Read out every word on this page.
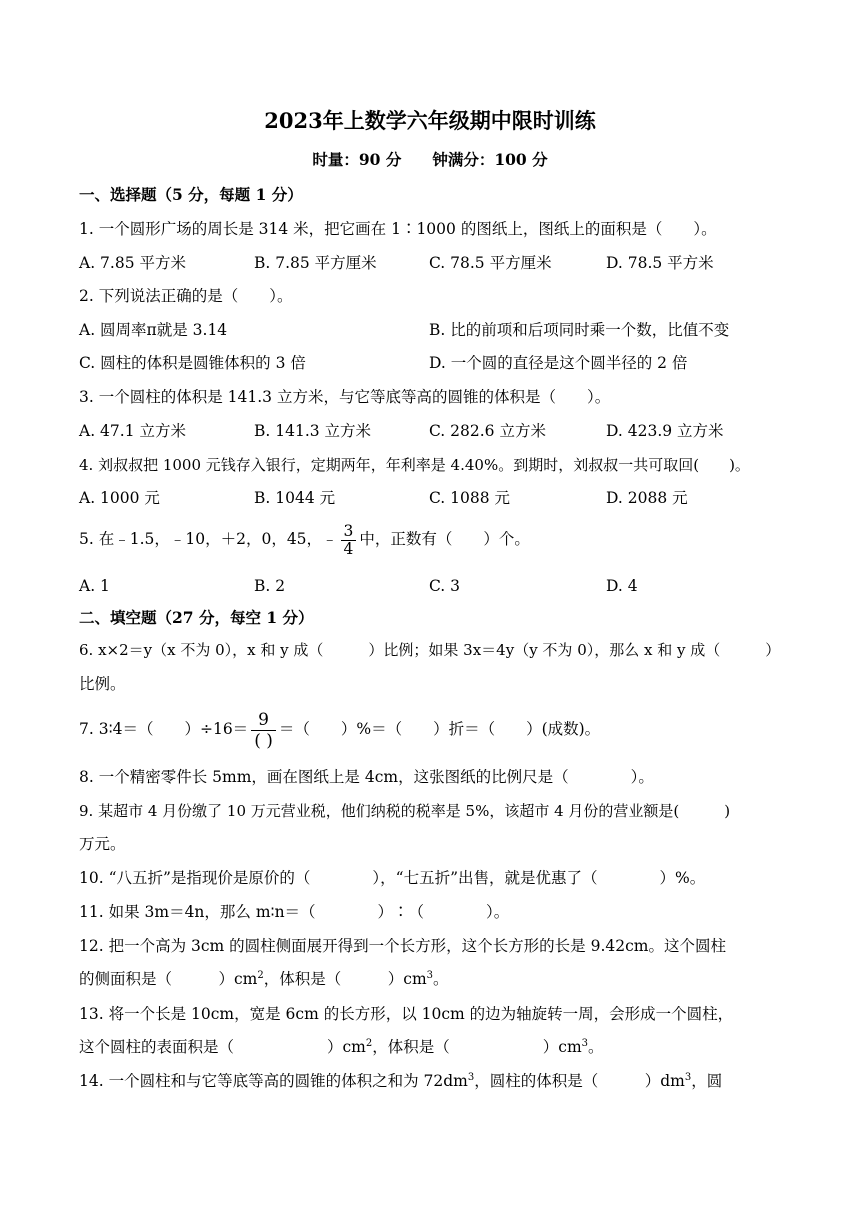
2023年上数学六年级期中限时训练
时量：90 分　　钟满分：100 分
一、选择题（5 分，每题 1 分）
1. 一个圆形广场的周长是 314 米，把它画在 1∶1000 的图纸上，图纸上的面积是（　　）。
A. 7.85 平方米	B. 7.85 平方厘米	C. 78.5 平方厘米	D. 78.5 平方米
2. 下列说法正确的是（　　）。
A. 圆周率π就是 3.14	B. 比的前项和后项同时乘一个数，比值不变
C. 圆柱的体积是圆锥体积的 3 倍	D. 一个圆的直径是这个圆半径的 2 倍
3. 一个圆柱的体积是 141.3 立方米，与它等底等高的圆锥的体积是（　　）。
A. 47.1 立方米	B. 141.3 立方米	C. 282.6 立方米	D. 423.9 立方米
4. 刘叔叔把 1000 元钱存入银行，定期两年，年利率是 4.40%。到期时，刘叔叔一共可取回(　　)。
A. 1000 元	B. 1044 元	C. 1088 元	D. 2088 元
5. 在﹣1.5，﹣10，＋2，0，45，﹣ $\frac{3}{4}$ 中，正数有（　　）个。
A. 1	B. 2	C. 3	D. 4
二、填空题（27 分，每空 1 分）
6. x×2＝y（x 不为 0），x 和 y 成（　　　）比例；如果 3x＝4y（y 不为 0），那么 x 和 y 成（　　　）
比例。
7. 3∶4＝（　　）$\div 16= \frac{9}{( )}$ ＝（　　）%＝（　　）折＝（　　）(成数)。
8. 一个精密零件长 5mm，画在图纸上是 4cm，这张图纸的比例尺是（　　　　）。
9. 某超市 4 月份缴了 10 万元营业税，他们纳税的税率是 5%，该超市 4 月份的营业额是(　　　)
万元。
10. “八五折”是指现价是原价的（　　　　），“七五折”出售，就是优惠了（　　　　）%。
11. 如果 3m＝4n，那么 m∶n＝（　　　　）∶（　　　　）。
12. 把一个高为 3cm 的圆柱侧面展开得到一个长方形，这个长方形的长是 9.42cm。这个圆柱
的侧面积是（　　　）$cm^2$，体积是（　　　）$cm^3$。
13. 将一个长是 10cm，宽是 6cm 的长方形，以 10cm 的边为轴旋转一周，会形成一个圆柱，
这个圆柱的表面积是（　　　　　　）$cm^2$，体积是（　　　　　　）$cm^3$。
14. 一个圆柱和与它等底等高的圆锥的体积之和为 $72dm^3$，圆柱的体积是（　　　）$dm^3$，圆
